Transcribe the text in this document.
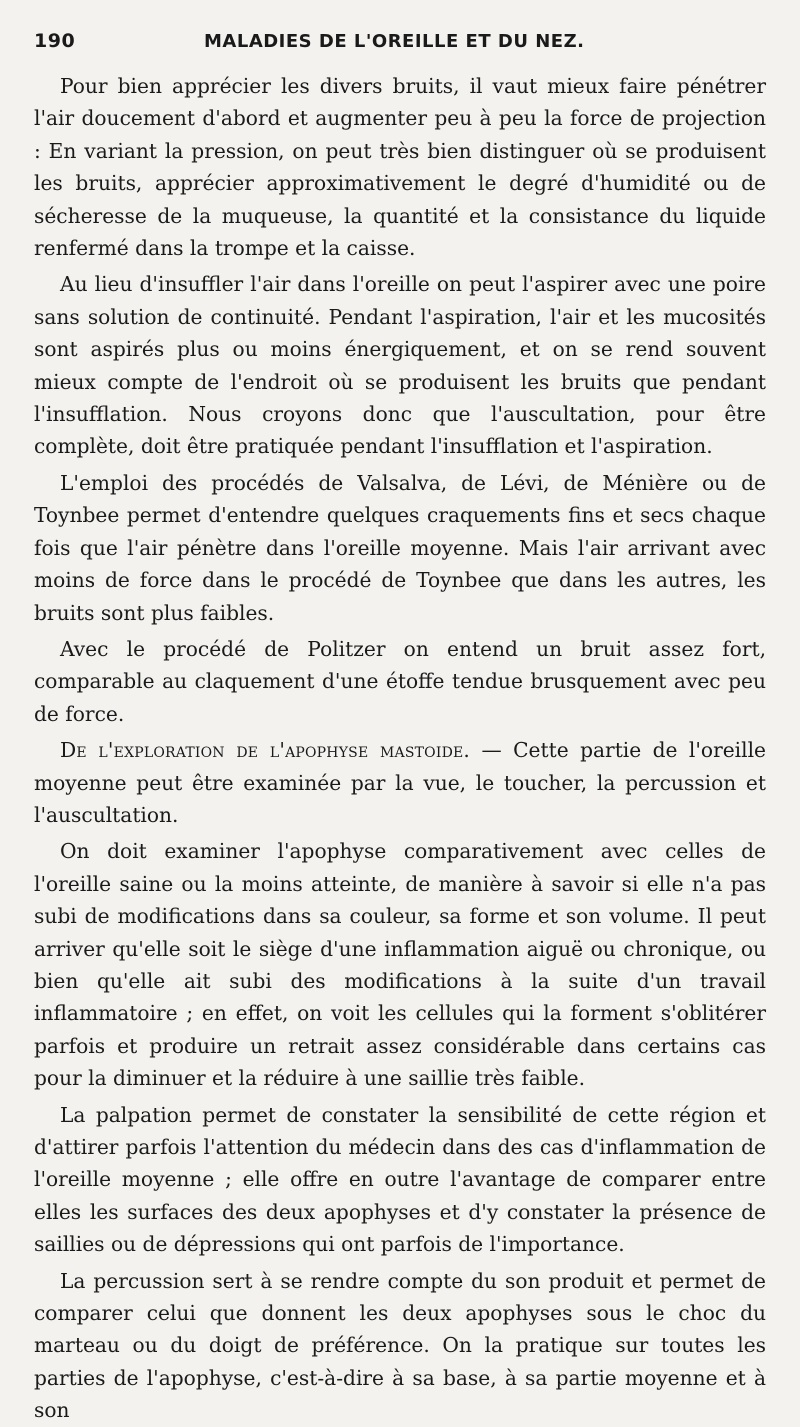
190	MALADIES DE L'OREILLE ET DU NEZ.

Pour bien apprécier les divers bruits, il vaut mieux faire pénétrer l'air doucement d'abord et augmenter peu à peu la force de projection : En variant la pression, on peut très bien distinguer où se produisent les bruits, apprécier approximativement le degré d'humidité ou de sécheresse de la muqueuse, la quantité et la consistance du liquide renfermé dans la trompe et la caisse.

Au lieu d'insuffler l'air dans l'oreille on peut l'aspirer avec une poire sans solution de continuité. Pendant l'aspiration, l'air et les mucosités sont aspirés plus ou moins énergiquement, et on se rend souvent mieux compte de l'endroit où se produisent les bruits que pendant l'insufflation. Nous croyons donc que l'auscultation, pour être complète, doit être pratiquée pendant l'insufflation et l'aspiration.

L'emploi des procédés de Valsalva, de Lévi, de Ménière ou de Toynbee permet d'entendre quelques craquements fins et secs chaque fois que l'air pénètre dans l'oreille moyenne. Mais l'air arrivant avec moins de force dans le procédé de Toynbee que dans les autres, les bruits sont plus faibles.

Avec le procédé de Politzer on entend un bruit assez fort, comparable au claquement d'une étoffe tendue brusquement avec peu de force.

De l'exploration de l'apophyse mastoide. — Cette partie de l'oreille moyenne peut être examinée par la vue, le toucher, la percussion et l'auscultation.

On doit examiner l'apophyse comparativement avec celles de l'oreille saine ou la moins atteinte, de manière à savoir si elle n'a pas subi de modifications dans sa couleur, sa forme et son volume. Il peut arriver qu'elle soit le siège d'une inflammation aiguë ou chronique, ou bien qu'elle ait subi des modifications à la suite d'un travail inflammatoire ; en effet, on voit les cellules qui la forment s'oblitérer parfois et produire un retrait assez considérable dans certains cas pour la diminuer et la réduire à une saillie très faible.

La palpation permet de constater la sensibilité de cette région et d'attirer parfois l'attention du médecin dans des cas d'inflammation de l'oreille moyenne ; elle offre en outre l'avantage de comparer entre elles les surfaces des deux apophyses et d'y constater la présence de saillies ou de dépressions qui ont parfois de l'importance.

La percussion sert à se rendre compte du son produit et permet de comparer celui que donnent les deux apophyses sous le choc du marteau ou du doigt de préférence. On la pratique sur toutes les parties de l'apophyse, c'est-à-dire à sa base, à sa partie moyenne et à son
